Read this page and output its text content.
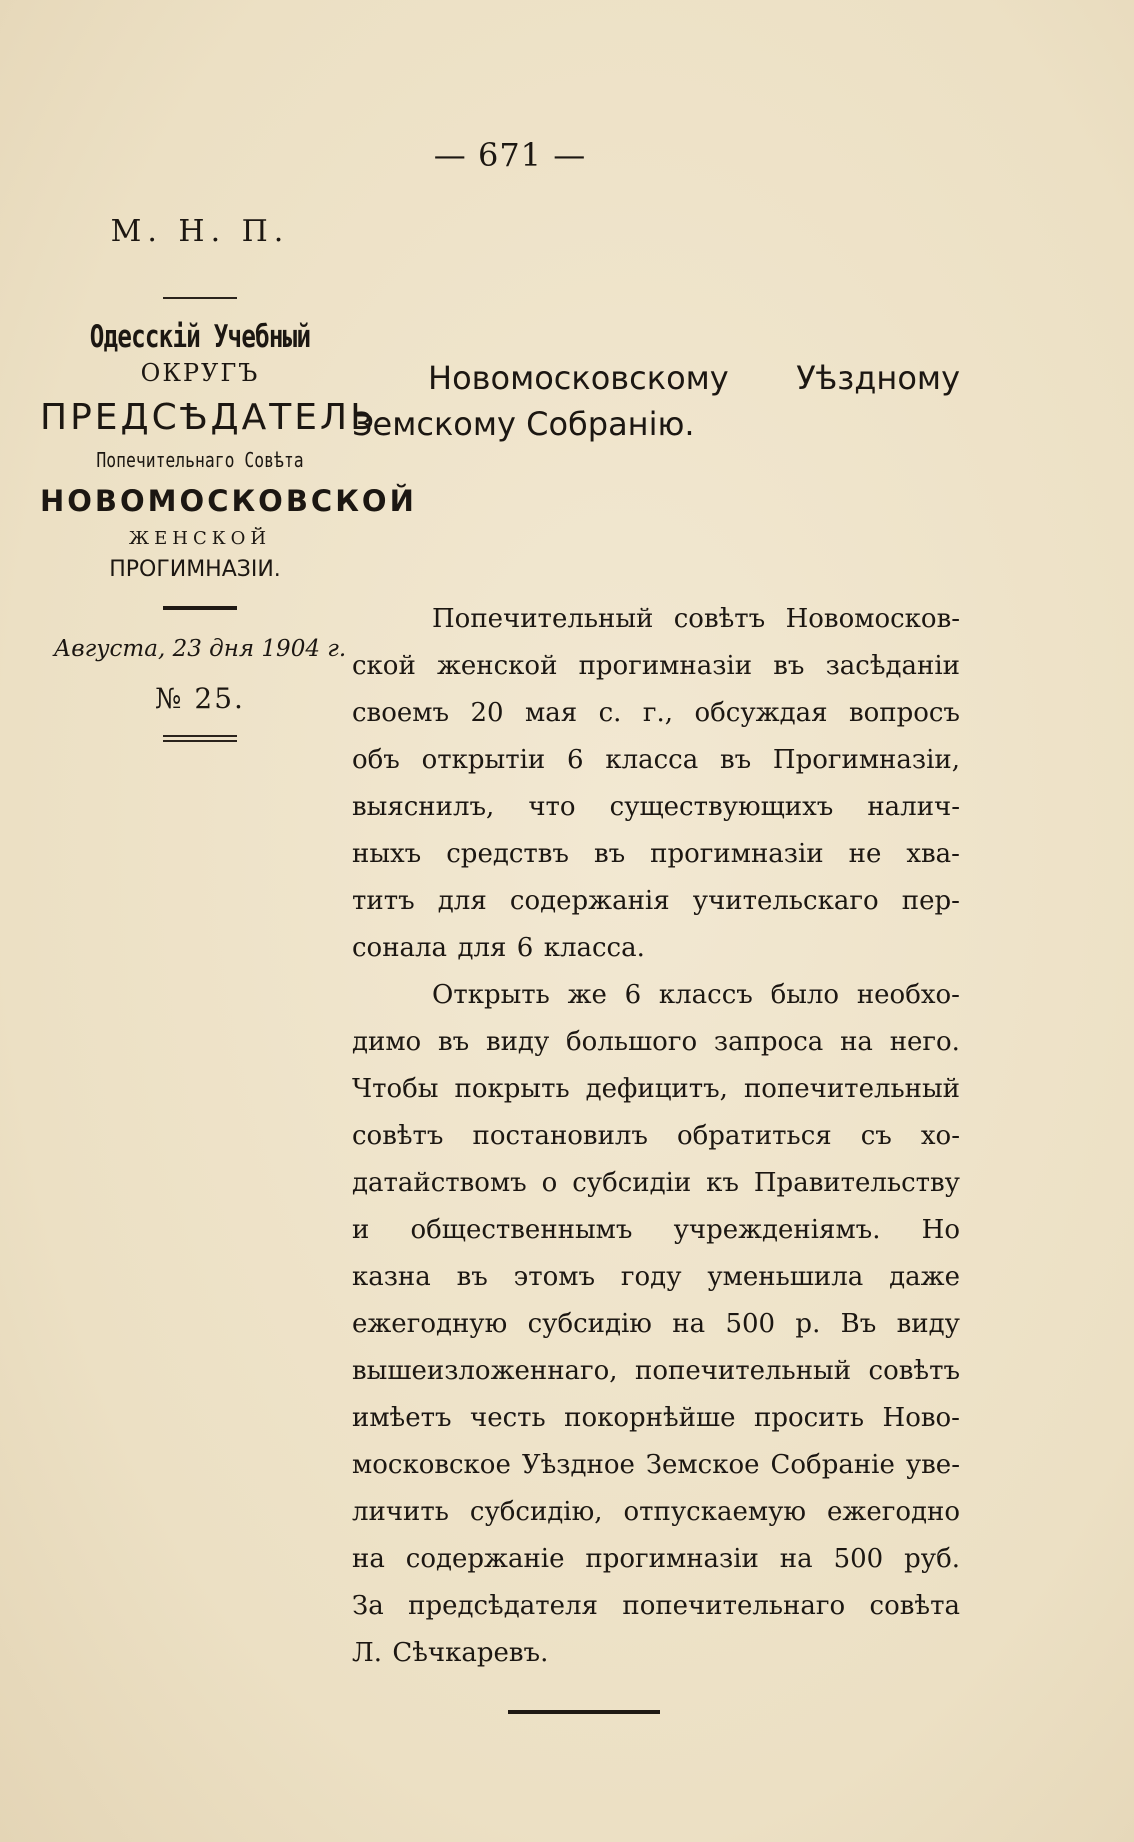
— 671 —
М. Н. П.
Одесскій Учебный
ОКРУГЪ
ПРЕДСѢДАТЕЛЬ
Попечительнаго Совѣта
НОВОМОСКОВСКОЙ
ЖЕНСКОЙ
ПРОГИМНАЗІИ.
Августа, 23 дня 1904 г.
№ 25.
Новомосковскому Уѣздному
Земскому Собранію.
Попечительный совѣтъ Новомосков-
ской женской прогимназіи въ засѣданіи
своемъ 20 мая с. г., обсуждая вопросъ
объ открытіи 6 класса въ Прогимназіи,
выяснилъ, что существующихъ налич-
ныхъ средствъ въ прогимназіи не хва-
титъ для содержанія учительскаго пер-
сонала для 6 класса.
Открыть же 6 классъ было необхо-
димо въ виду большого запроса на него.
Чтобы покрыть дефицитъ, попечительный
совѣтъ постановилъ обратиться съ хо-
датайствомъ о субсидіи къ Правительству
и общественнымъ учрежденіямъ. Но
казна въ этомъ году уменьшила даже
ежегодную субсидію на 500 р. Въ виду
вышеизложеннаго, попечительный совѣтъ
имѣетъ честь покорнѣйше просить Ново-
московское Уѣздное Земское Собраніе уве-
личить субсидію, отпускаемую ежегодно
на содержаніе прогимназіи на 500 руб.
За предсѣдателя попечительнаго совѣта
Л. Сѣчкаревъ.
